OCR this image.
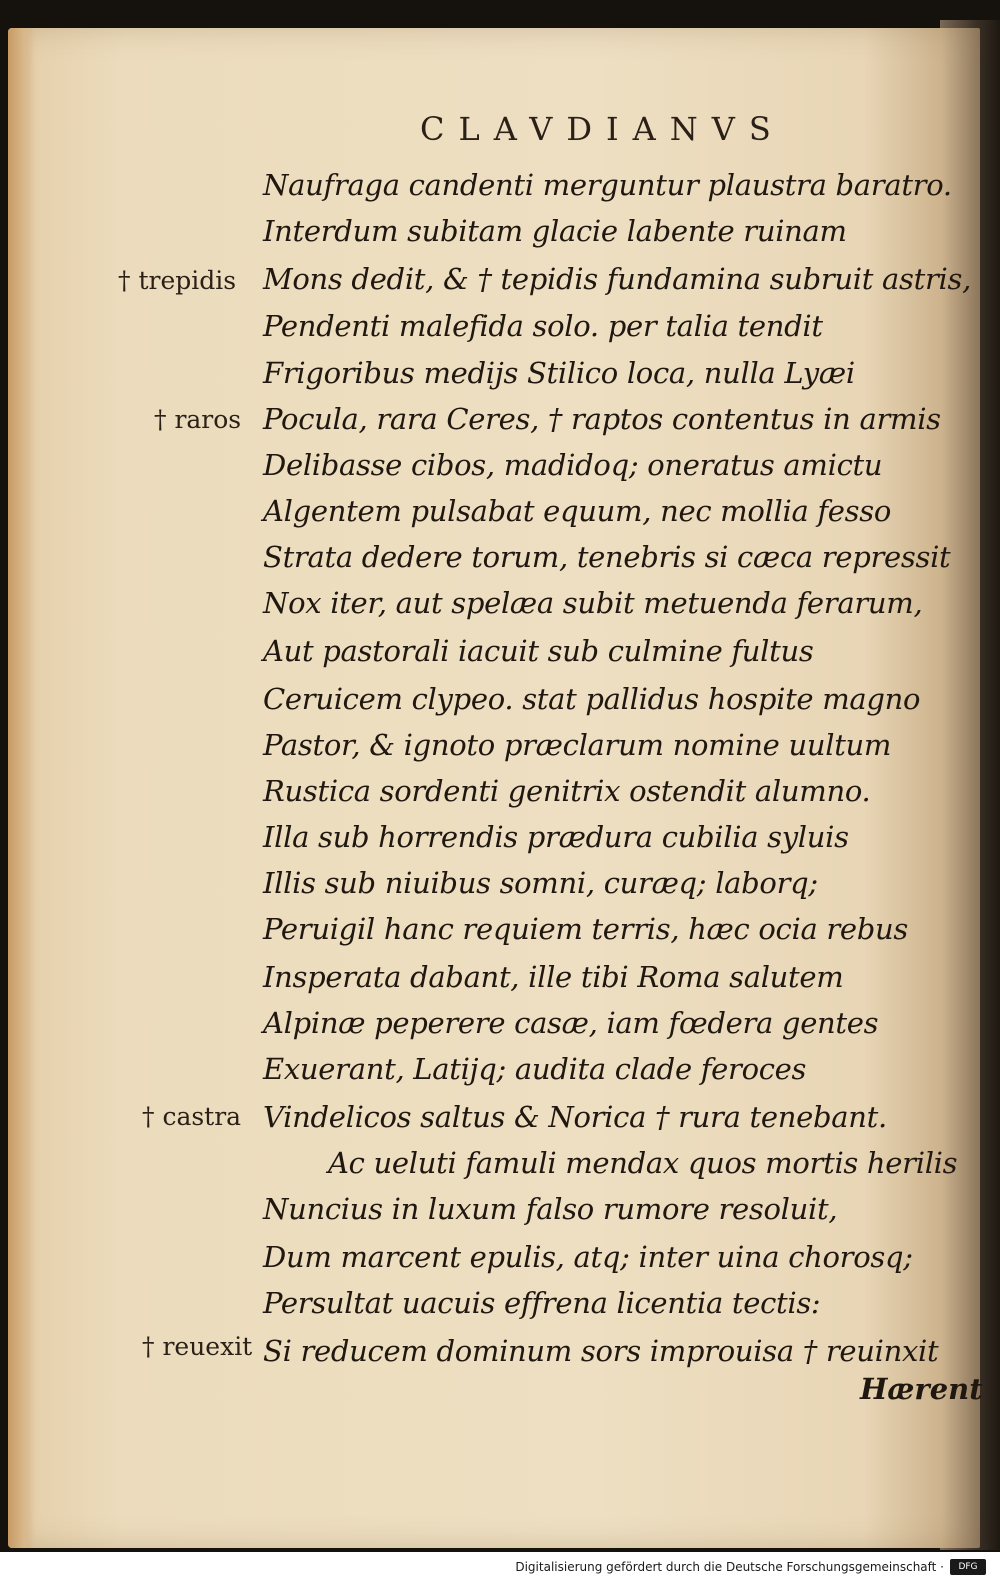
CLAVDIANVS
Naufraga candenti merguntur plaustra baratro.
Interdum subitam glacie labente ruinam
Mons dedit, & † tepidis fundamina subruit astris,
Pendenti malefida solo. per talia tendit
Frigoribus medijs Stilico loca, nulla Lyæi
Pocula, rara Ceres, † raptos contentus in armis
Delibasse cibos, madidoq; oneratus amictu
Algentem pulsabat equum, nec mollia fesso
Strata dedere torum, tenebris si cæca repressit
Nox iter, aut spelæa subit metuenda ferarum,
Aut pastorali iacuit sub culmine fultus
Ceruicem clypeo. stat pallidus hospite magno
Pastor, & ignoto præclarum nomine uultum
Rustica sordenti genitrix ostendit alumno.
Illa sub horrendis prædura cubilia syluis
Illis sub niuibus somni, curæq; laborq;
Peruigil hanc requiem terris, hæc ocia rebus
Insperata dabant, ille tibi Roma salutem
Alpinæ peperere casæ, iam fœdera gentes
Exuerant, Latijq; audita clade feroces
Vindelicos saltus & Norica † rura tenebant.
Ac ueluti famuli mendax quos mortis herilis
Nuncius in luxum falso rumore resoluit,
Dum marcent epulis, atq; inter uina chorosq;
Persultat uacuis effrena licentia tectis:
Si reducem dominum sors improuisa † reuinxit
† trepidis
† raros
† castra
† reuexit
Hærent
Digitalisierung gefördert durch die Deutsche Forschungsgemeinschaft ·	DFG
